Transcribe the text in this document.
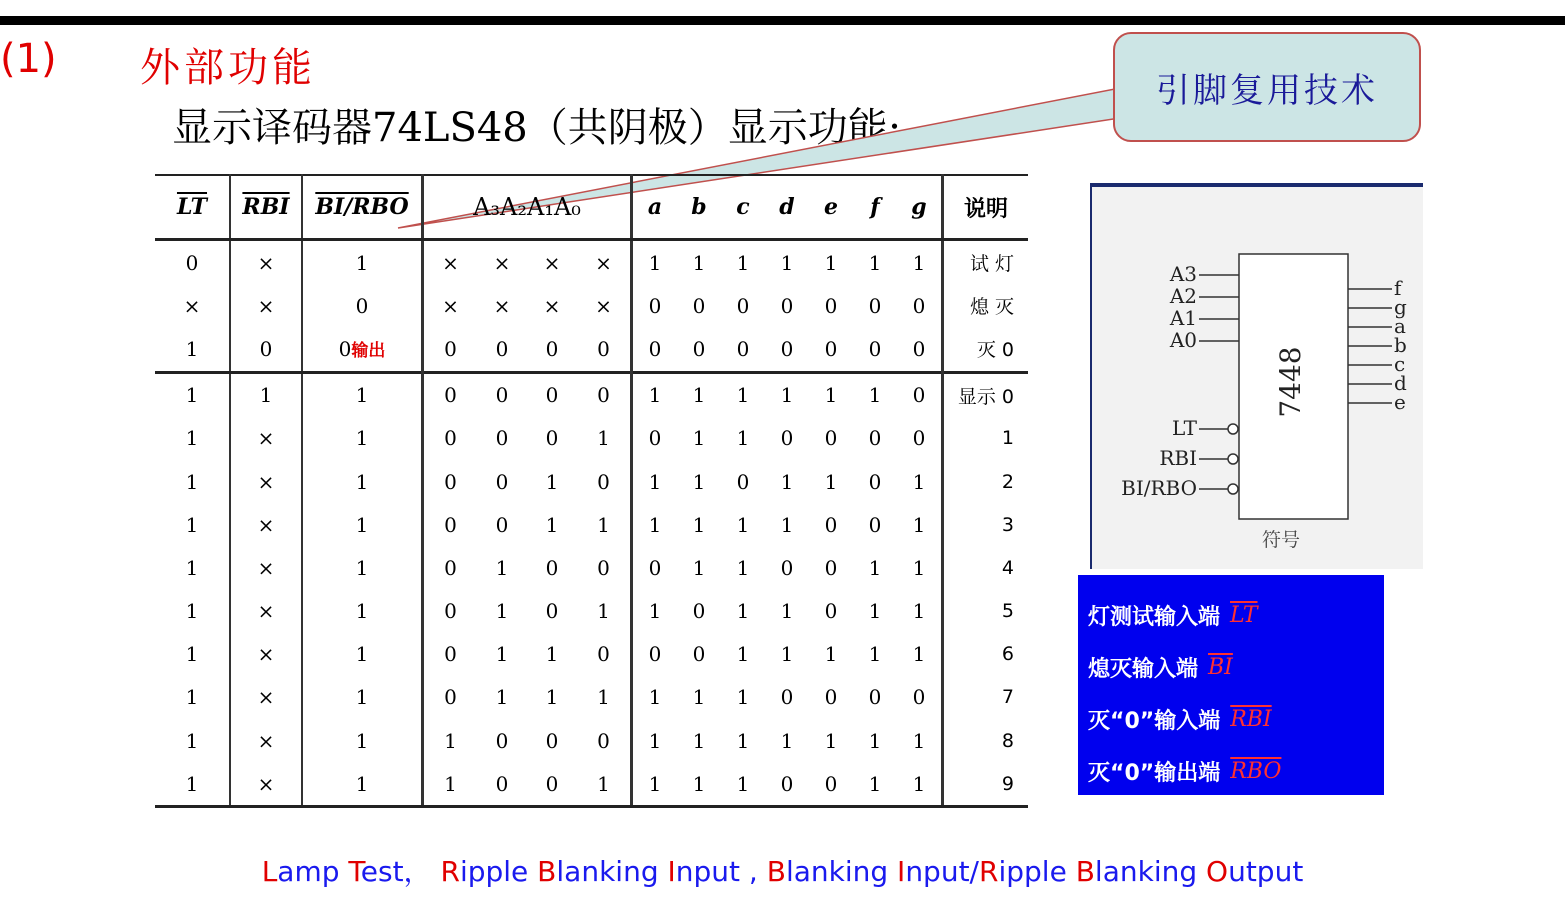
(1) 外部功能
显示译码器74LS48（共阴极）显示功能:
引脚复用技术
$\overline{LT}$	$\overline{RBI}$	BI/RBO	A₃A₂A₁A₀				a	b	c	d	e	f	g	说明
0	×	1	×	×	×	×	1	1	1	1	1	1	1	试 灯
×	×	0	×	×	×	×	0	0	0	0	0	0	0	熄 灭
1	0	0输出	0	0	0	0	0	0	0	0	0	0	0	灭 0
1	1	1	0	0	0	0	1	1	1	1	1	1	0	显示 0
1	×	1	0	0	0	1	0	1	1	0	0	0	0	1
1	×	1	0	0	1	0	1	1	0	1	1	0	1	2
1	×	1	0	0	1	1	1	1	1	1	0	0	1	3
1	×	1	0	1	0	0	0	1	1	0	0	1	1	4
1	×	1	0	1	0	1	1	0	1	1	0	1	1	5
1	×	1	0	1	1	0	0	0	1	1	1	1	1	6
1	×	1	0	1	1	1	1	1	1	0	0	0	0	7
1	×	1	1	0	0	0	1	1	1	1	1	1	1	8
1	×	1	1	0	0	1	1	1	1	0	0	1	1	9
7448
A3
A2
A1
A0
LT
RBI
BI/RBO
f
g
a
b
c
d
e
符号
灯测试输入端 $\overline{LT}$
熄灭输入端 $\overline{BI}$
灭“0”输入端 $\overline{RBI}$
灭“0”输出端 $\overline{RBO}$
Lamp Test， Ripple Blanking Input , Blanking Input/Ripple Blanking Output
